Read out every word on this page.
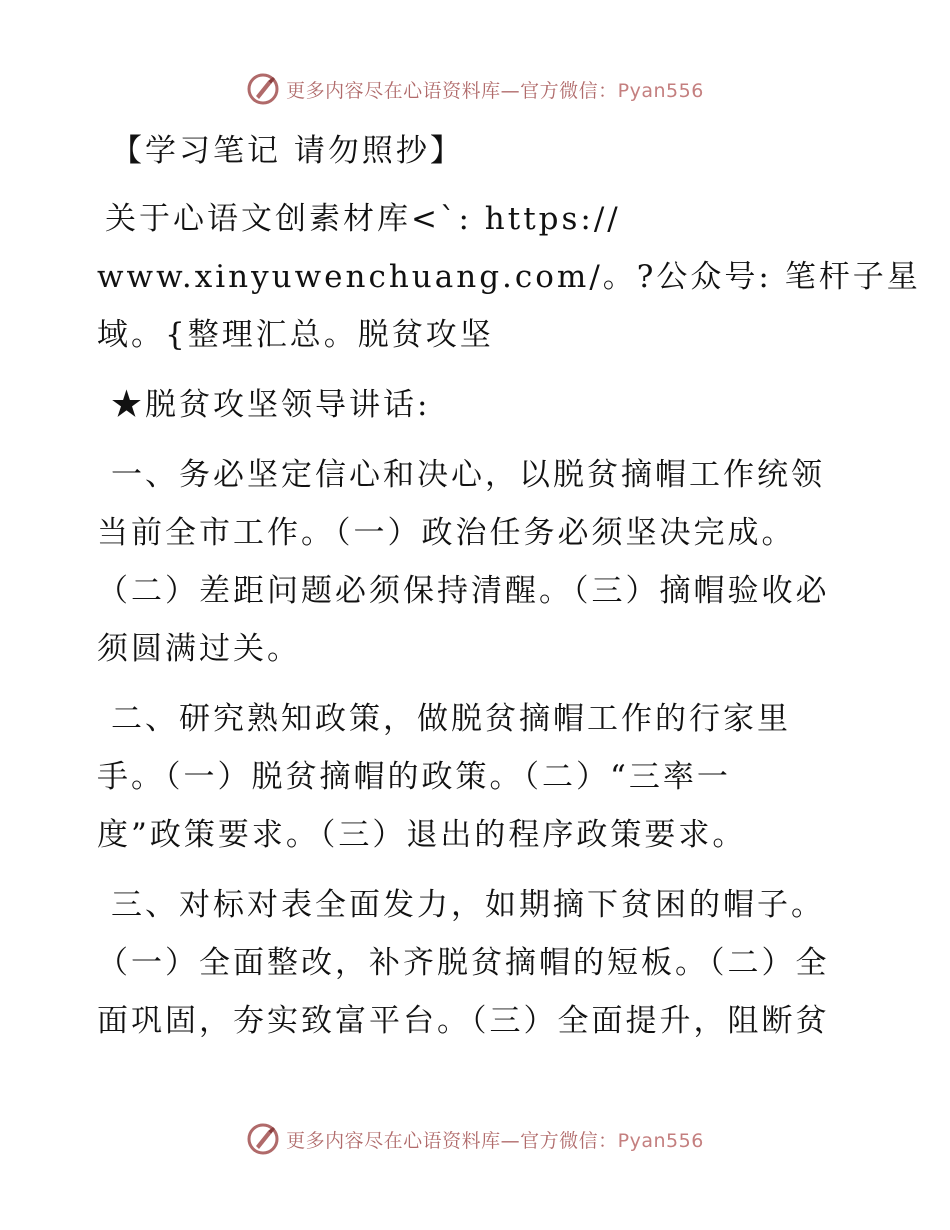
更多内容尽在心语资料库—官方微信：Pyan556

【学习笔记 请勿照抄】

关于心语文创素材库<`: https://
www.xinyuwenchuang.com/。?公众号: 笔杆子星
域。{整理汇总。脱贫攻坚

★脱贫攻坚领导讲话:

一、务必坚定信心和决心，以脱贫摘帽工作统领
当前全市工作。（一）政治任务必须坚决完成。
（二）差距问题必须保持清醒。（三）摘帽验收必
须圆满过关。

二、研究熟知政策，做脱贫摘帽工作的行家里
手。（一）脱贫摘帽的政策。（二）“三率一
度”政策要求。（三）退出的程序政策要求。

三、对标对表全面发力，如期摘下贫困的帽子。
（一）全面整改，补齐脱贫摘帽的短板。（二）全
面巩固，夯实致富平台。（三）全面提升，阻断贫

更多内容尽在心语资料库—官方微信：Pyan556
